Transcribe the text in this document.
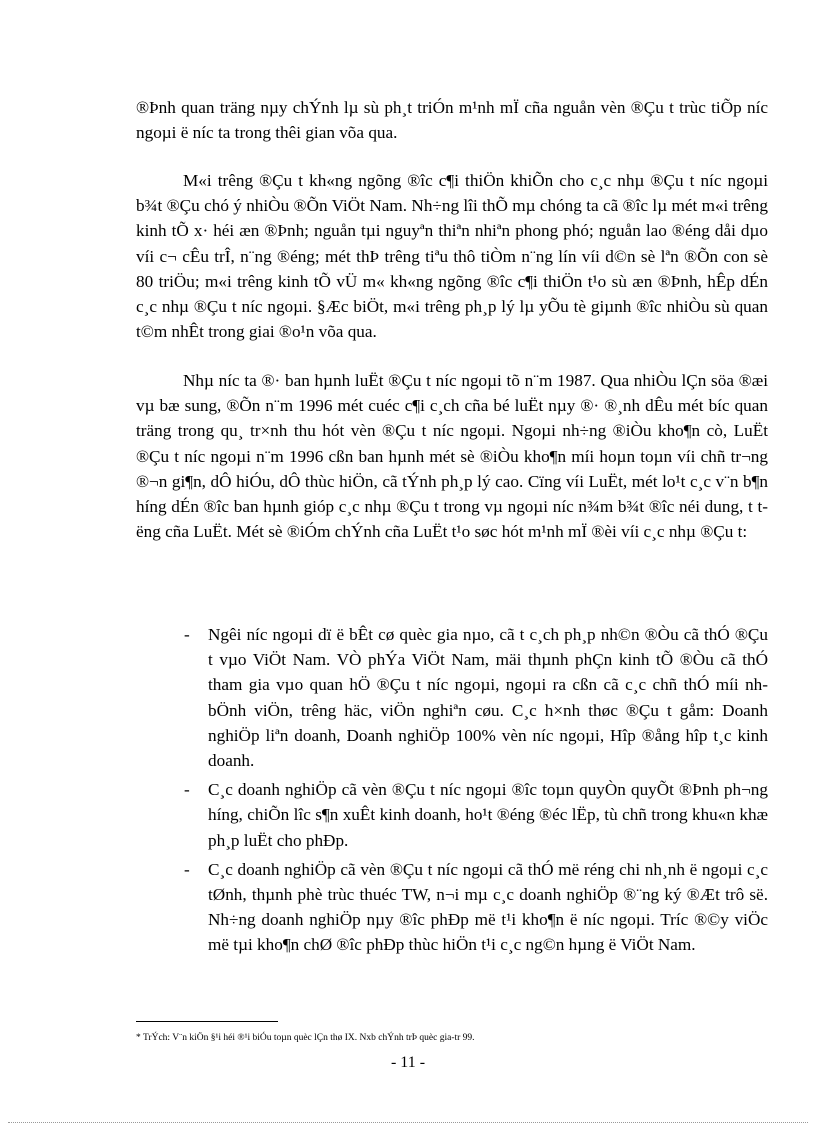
®Þnh quan träng nµy chÝnh lµ sù ph¸t triÓn m¹nh mÏ cña nguån vèn ®Çu t trùc tiÕp níc ngoµi ë níc ta trong thêi gian võa qua.

M«i trêng ®Çu t kh«ng ngõng ®îc c¶i thiÖn khiÕn cho c¸c nhµ ®Çu t níc ngoµi b¾t ®Çu chó ý nhiÒu ®Õn ViÖt Nam. Nh÷ng lîi thÕ mµ chóng ta cã ®îc lµ mét m«i trêng kinh tÕ x· héi æn ®Þnh; nguån tµi nguyªn thiªn nhiªn phong phó; nguån lao ®éng dåi dµo víi c¬ cÊu trÎ, n¨ng ®éng; mét thÞ trêng tiªu thô tiÒm n¨ng lín víi d©n sè lªn ®Õn con sè 80 triÖu; m«i trêng kinh tÕ vÜ m« kh«ng ngõng ®îc c¶i thiÖn t¹o sù æn ®Þnh, hÊp dÉn c¸c nhµ ®Çu t níc ngoµi. §Æc biÖt, m«i trêng ph¸p lý lµ yÕu tè giµnh ®îc nhiÒu sù quan t©m nhÊt trong giai ®o¹n võa qua.

Nhµ níc ta ®· ban hµnh luËt ®Çu t níc ngoµi tõ n¨m 1987. Qua nhiÒu lÇn söa ®æi vµ bæ sung, ®Õn n¨m 1996 mét cuéc c¶i c¸ch cña bé luËt nµy ®· ®¸nh dÊu mét bíc quan träng trong qu¸ tr×nh thu hót vèn ®Çu t níc ngoµi. Ngoµi nh÷ng ®iÒu kho¶n cò, LuËt ®Çu t níc ngoµi n¨m 1996 cßn ban hµnh mét sè ®iÒu kho¶n míi hoµn toµn víi chñ tr¬ng ®¬n gi¶n, dÔ hiÓu, dÔ thùc hiÖn, cã tÝnh ph¸p lý cao. Cïng víi LuËt, mét lo¹t c¸c v¨n b¶n híng dÉn ®îc ban hµnh gióp c¸c nhµ ®Çu t trong vµ ngoµi níc n¾m b¾t ®îc néi dung, t tëng cña LuËt. Mét sè ®iÓm chÝnh cña LuËt t¹o søc hót m¹nh mÏ ®èi víi c¸c nhµ ®Çu t:

- Ngêi níc ngoµi dï ë bÊt cø quèc gia nµo, cã t c¸ch ph¸p nh©n ®Òu cã thÓ ®Çu t vµo ViÖt Nam. VÒ phÝa ViÖt Nam, mäi thµnh phÇn kinh tÕ ®Òu cã thÓ tham gia vµo quan hÖ ®Çu t níc ngoµi, ngoµi ra cßn cã c¸c chñ thÓ míi nh bÖnh viÖn, trêng häc, viÖn nghiªn cøu. C¸c h×nh thøc ®Çu t gåm: Doanh nghiÖp liªn doanh, Doanh nghiÖp 100% vèn níc ngoµi, Hîp ®ång hîp t¸c kinh doanh.
- C¸c doanh nghiÖp cã vèn ®Çu t níc ngoµi ®îc toµn quyÒn quyÕt ®Þnh ph¬ng híng, chiÕn lîc s¶n xuÊt kinh doanh, ho¹t ®éng ®éc lËp, tù chñ trong khu«n khæ ph¸p luËt cho phÐp.
- C¸c doanh nghiÖp cã vèn ®Çu t níc ngoµi cã thÓ më réng chi nh¸nh ë ngoµi c¸c tØnh, thµnh phè trùc thuéc TW, n¬i mµ c¸c doanh nghiÖp ®¨ng ký ®Æt trô së. Nh÷ng doanh nghiÖp nµy ®îc phÐp më t¹i kho¶n ë níc ngoµi. Tríc ®©y viÖc më tµi kho¶n chØ ®îc phÐp thùc hiÖn t¹i c¸c ng©n hµng ë ViÖt Nam.
* TrÝch: V¨n kiÖn §¹i héi ®¹i biÓu toµn quèc lÇn thø IX. Nxb chÝnh trÞ quèc gia-tr 99.
- 11 -
